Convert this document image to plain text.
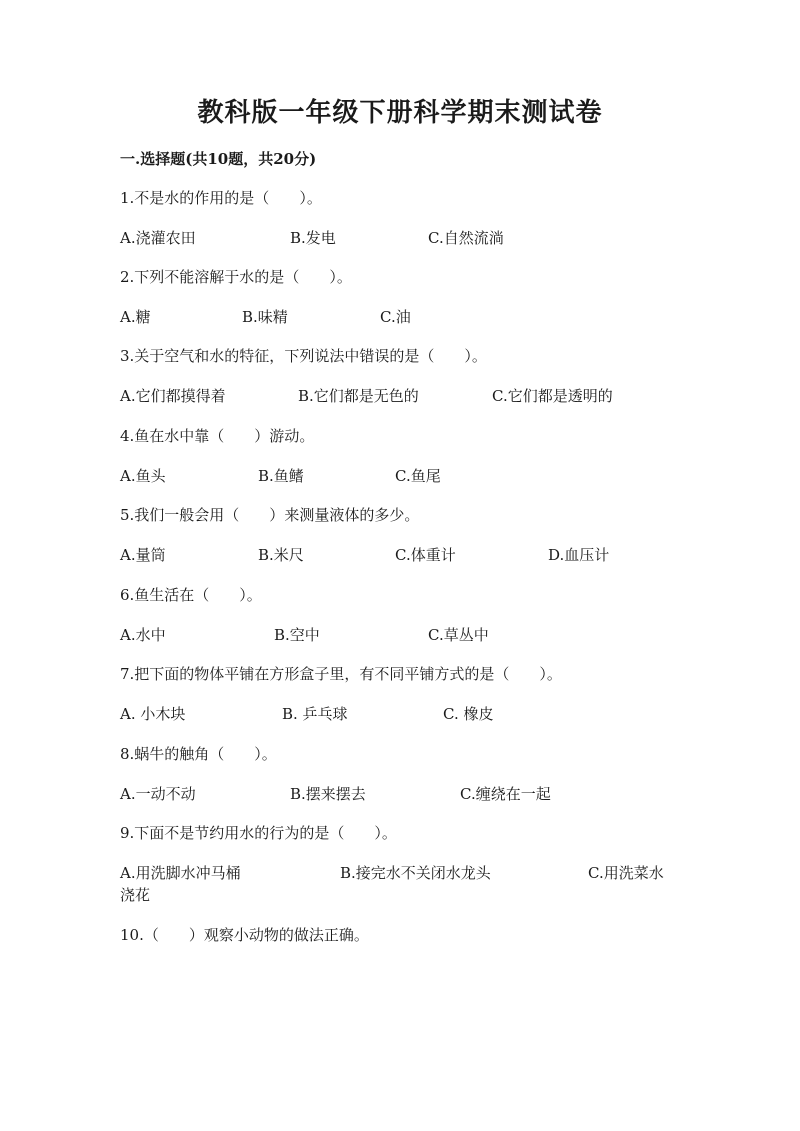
教科版一年级下册科学期末测试卷
一.选择题(共10题，共20分)
1.不是水的作用的是（　　）。
A.浇灌农田	B.发电	C.自然流淌
2.下列不能溶解于水的是（　　）。
A.糖	B.味精	C.油
3.关于空气和水的特征，下列说法中错误的是（　　）。
A.它们都摸得着	B.它们都是无色的	C.它们都是透明的
4.鱼在水中靠（　　）游动。
A.鱼头	B.鱼鳍	C.鱼尾
5.我们一般会用（　　）来测量液体的多少。
A.量筒	B.米尺	C.体重计	D.血压计
6.鱼生活在（　　）。
A.水中	B.空中	C.草丛中
7.把下面的物体平铺在方形盒子里，有不同平铺方式的是（　　）。
A. 小木块	B. 乒乓球	C. 橡皮
8.蜗牛的触角（　　）。
A.一动不动	B.摆来摆去	C.缠绕在一起
9.下面不是节约用水的行为的是（　　）。
A.用洗脚水冲马桶	B.接完水不关闭水龙头	C.用洗菜水
浇花
10.（　　）观察小动物的做法正确。
